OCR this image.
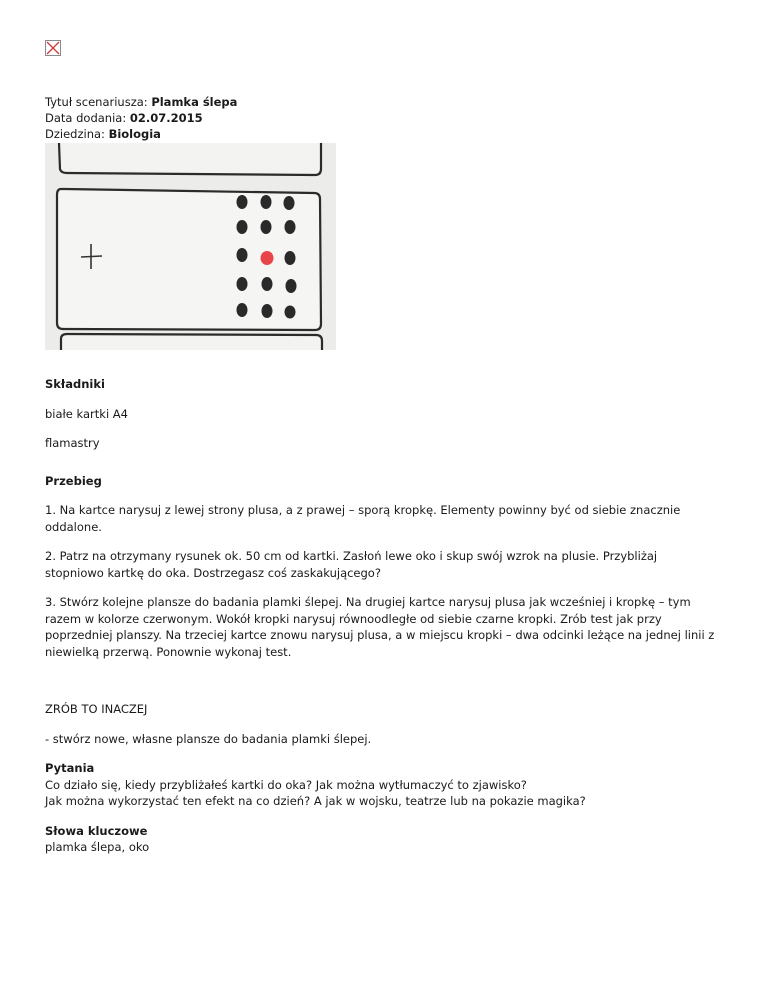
Tytuł scenariusza: Plamka ślepa
Data dodania: 02.07.2015
Dziedzina: Biologia
Składniki

białe kartki A4

flamastry

Przebieg

1. Na kartce narysuj z lewej strony plusa, a z prawej – sporą kropkę. Elementy powinny być od siebie znacznie oddalone.

2. Patrz na otrzymany rysunek ok. 50 cm od kartki. Zasłoń lewe oko i skup swój wzrok na plusie. Przybliżaj stopniowo kartkę do oka. Dostrzegasz coś zaskakującego?

3. Stwórz kolejne plansze do badania plamki ślepej. Na drugiej kartce narysuj plusa jak wcześniej i kropkę – tym razem w kolorze czerwonym. Wokół kropki narysuj równoodległe od siebie czarne kropki. Zrób test jak przy poprzedniej planszy. Na trzeciej kartce znowu narysuj plusa, a w miejscu kropki – dwa odcinki leżące na jednej linii z niewielką przerwą. Ponownie wykonaj test.

ZRÓB TO INACZEJ

- stwórz nowe, własne plansze do badania plamki ślepej.

Pytania

Co działo się, kiedy przybliżałeś kartki do oka? Jak można wytłumaczyć to zjawisko?

Jak można wykorzystać ten efekt na co dzień? A jak w wojsku, teatrze lub na pokazie magika?

Słowa kluczowe

plamka ślepa, oko
